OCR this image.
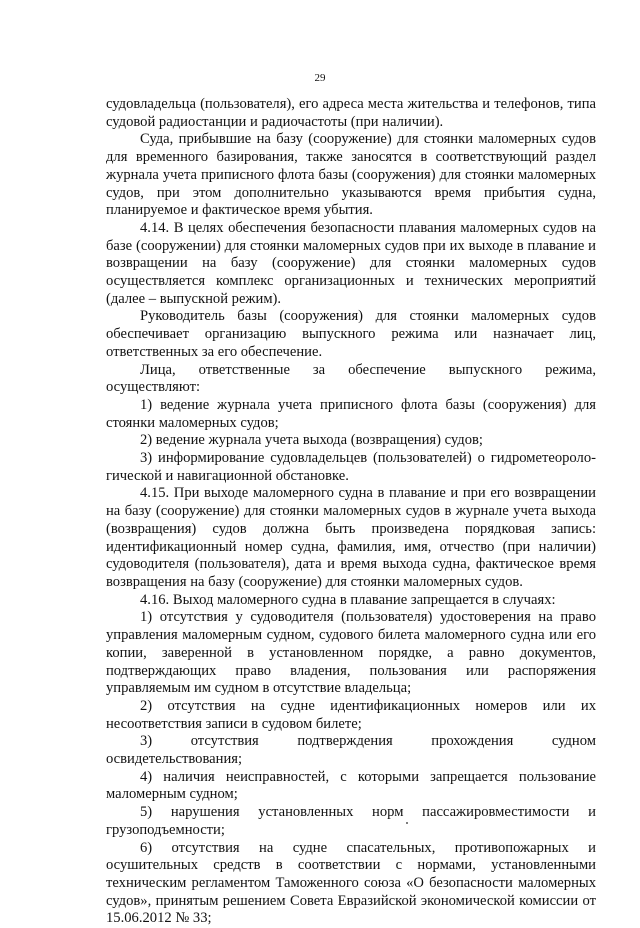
29

судовладельца (пользователя), его адреса места жительства и телефонов, типа судовой радиостанции и радиочастоты (при наличии).

Суда, прибывшие на базу (сооружение) для стоянки маломерных судов для временного базирования, также заносятся в соответствующий раздел журнала учета приписного флота базы (сооружения) для стоянки маломерных судов, при этом дополнительно указываются время прибытия судна, планируемое и фактическое время убытия.

4.14. В целях обеспечения безопасности плавания маломерных судов на базе (сооружении) для стоянки маломерных судов при их выходе в плавание и возвращении на базу (сооружение) для стоянки маломерных судов осуществляется комплекс организационных и технических мероприятий (далее – выпускной режим).

Руководитель базы (сооружения) для стоянки маломерных судов обеспечивает организацию выпускного режима или назначает лиц, ответственных за его обеспечение.

Лица, ответственные за обеспечение выпускного режима, осуществляют:

1) ведение журнала учета приписного флота базы (сооружения) для стоянки маломерных судов;

2) ведение журнала учета выхода (возвращения) судов;

3) информирование судовладельцев (пользователей) о гидрометеорологической и навигационной обстановке.

4.15. При выходе маломерного судна в плавание и при его возвращении на базу (сооружение) для стоянки маломерных судов в журнале учета выхода (возвращения) судов должна быть произведена порядковая запись: идентификационный номер судна, фамилия, имя, отчество (при наличии) судоводителя (пользователя), дата и время выхода судна, фактическое время возвращения на базу (сооружение) для стоянки маломерных судов.

4.16. Выход маломерного судна в плавание запрещается в случаях:

1) отсутствия у судоводителя (пользователя) удостоверения на право управления маломерным судном, судового билета маломерного судна или его копии, заверенной в установленном порядке, а равно документов, подтверждающих право владения, пользования или распоряжения управляемым им судном в отсутствие владельца;

2) отсутствия на судне идентификационных номеров или их несоответствия записи в судовом билете;

3) отсутствия подтверждения прохождения судном освидетельствования;

4) наличия неисправностей, с которыми запрещается пользование маломерным судном;

5) нарушения установленных норм пассажировместимости и грузоподъемности;

6) отсутствия на судне спасательных, противопожарных и осушительных средств в соответствии с нормами, установленными техническим регламентом Таможенного союза «О безопасности маломерных судов», принятым решением Совета Евразийской экономической комиссии от 15.06.2012 № 33;
